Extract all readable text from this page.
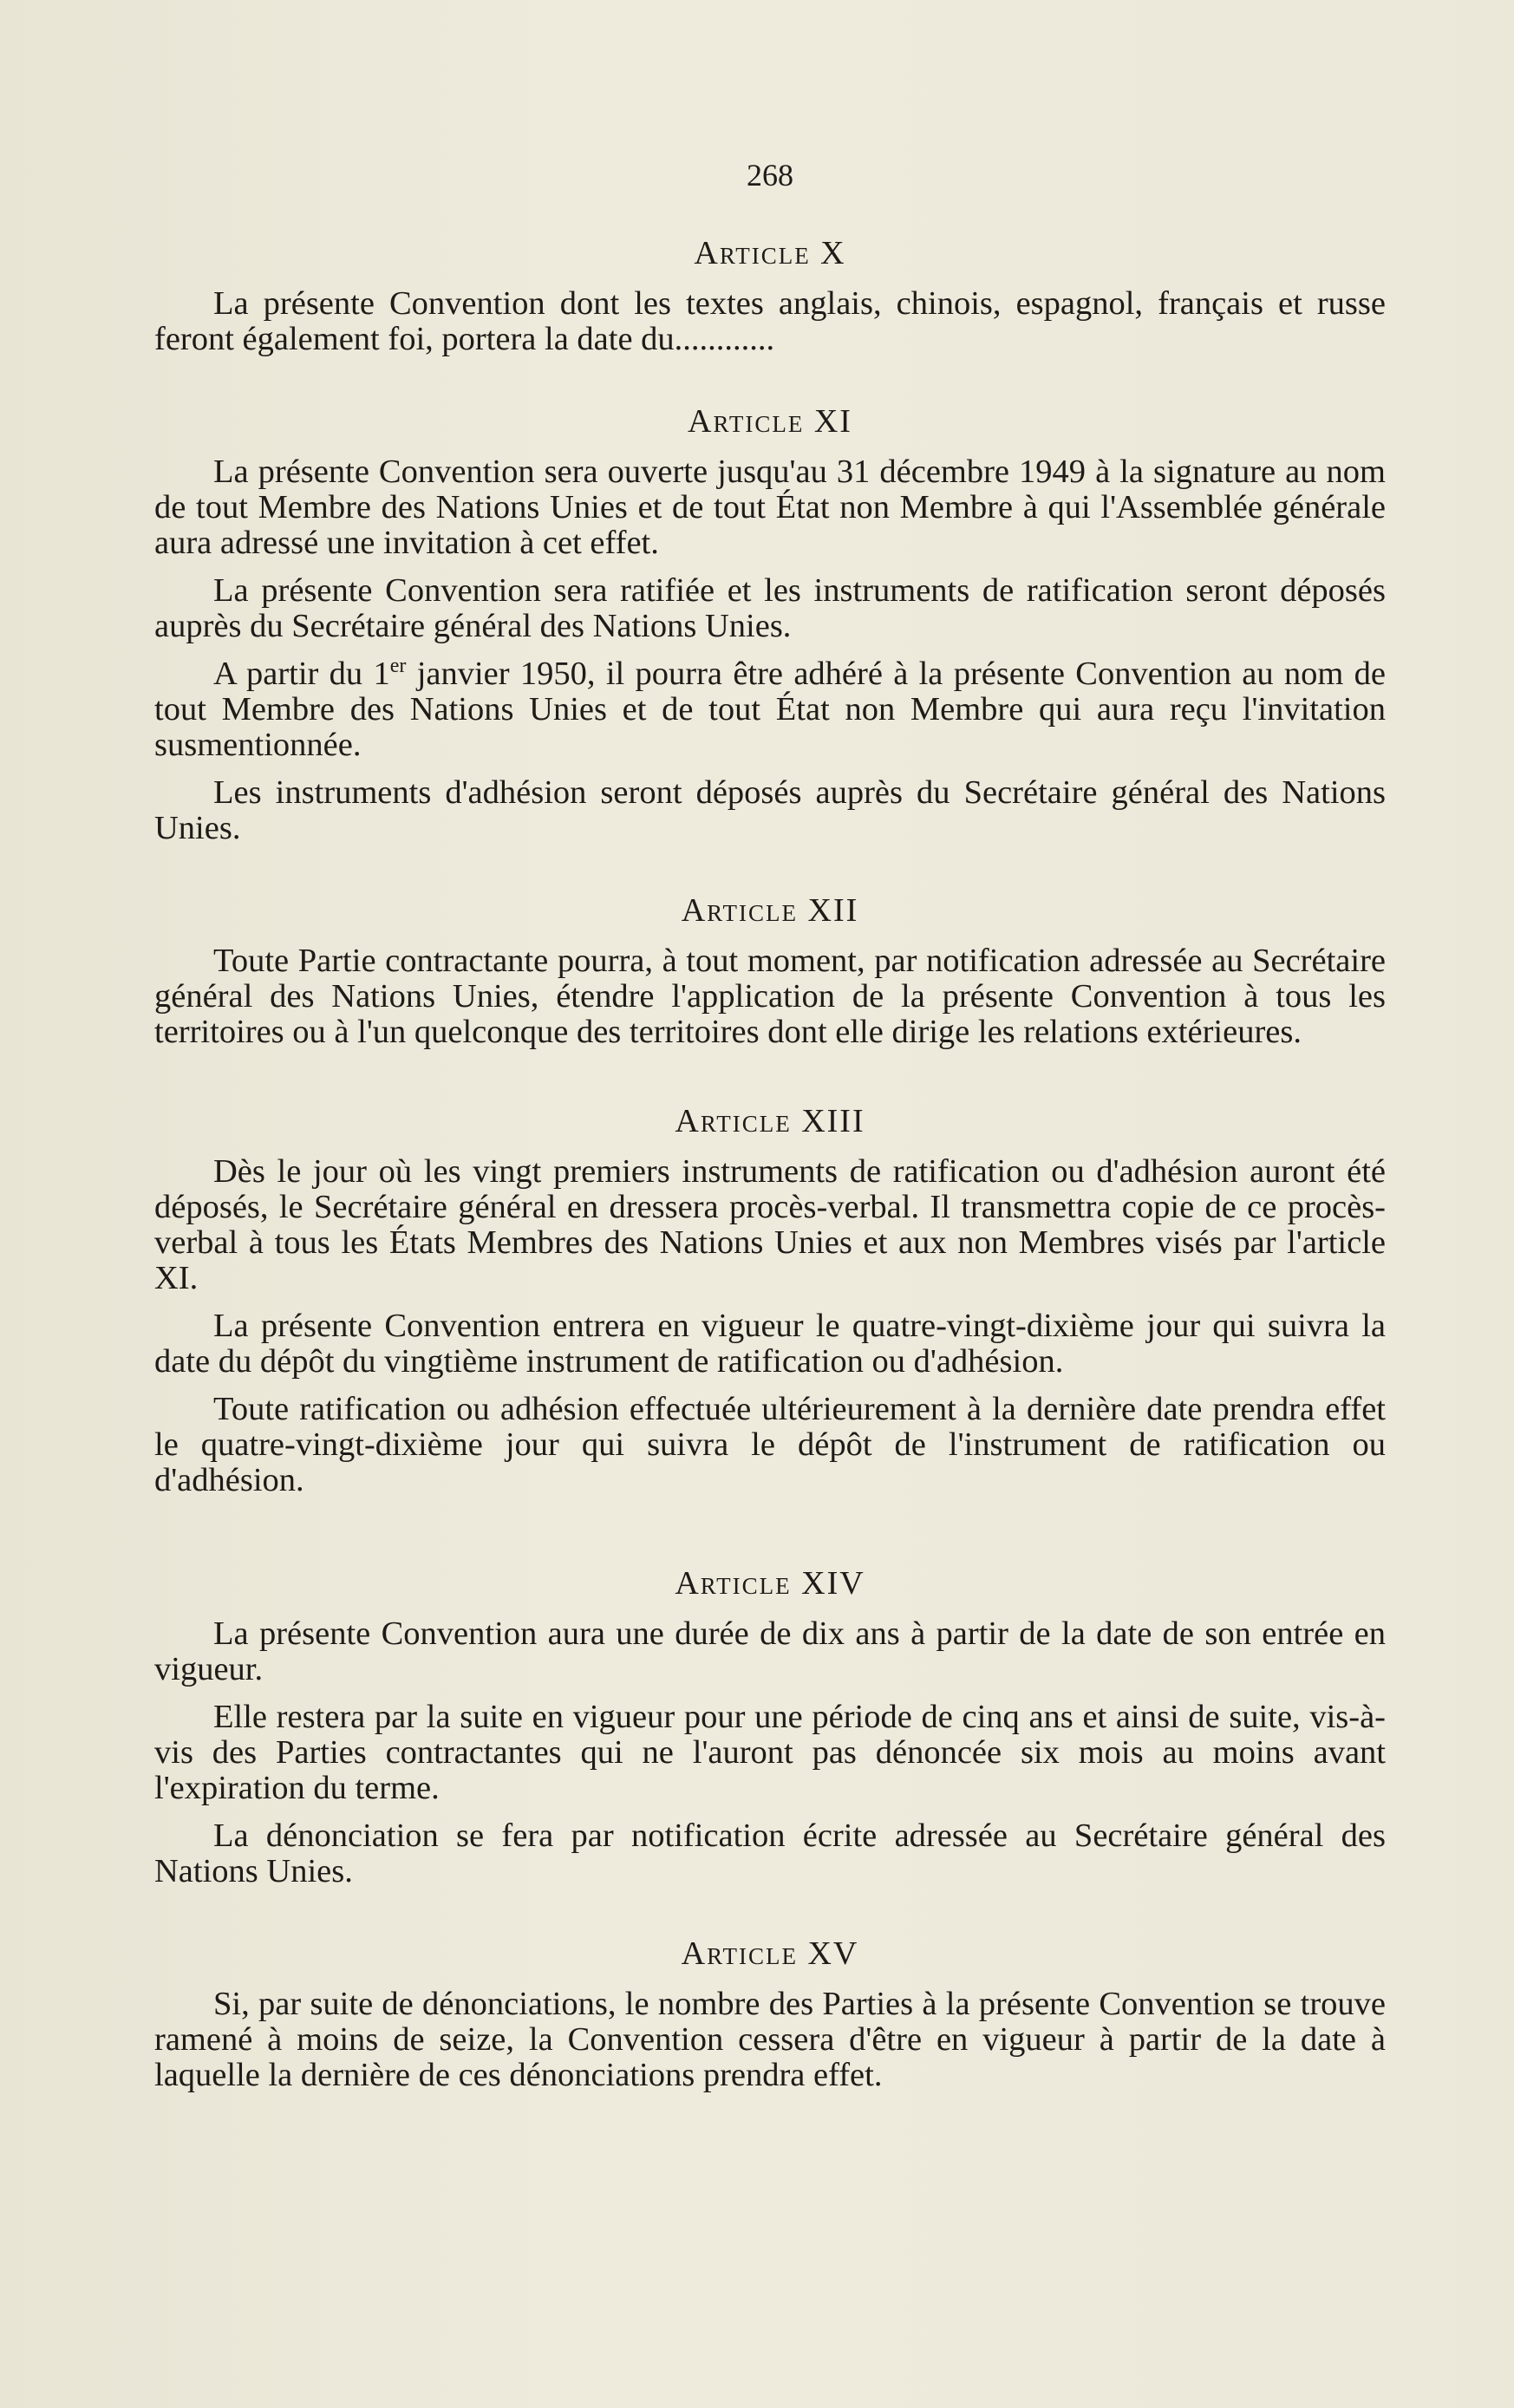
268
Article X

La présente Convention dont les textes anglais, chinois, espagnol, français et russe feront également foi, portera la date du............

Article XI

La présente Convention sera ouverte jusqu'au 31 décembre 1949 à la signature au nom de tout Membre des Nations Unies et de tout État non Membre à qui l'Assemblée générale aura adressé une invitation à cet effet.

La présente Convention sera ratifiée et les instruments de ratification seront déposés auprès du Secrétaire général des Nations Unies.

A partir du 1er janvier 1950, il pourra être adhéré à la présente Convention au nom de tout Membre des Nations Unies et de tout État non Membre qui aura reçu l'invitation susmentionnée.

Les instruments d'adhésion seront déposés auprès du Secrétaire général des Nations Unies.

Article XII

Toute Partie contractante pourra, à tout moment, par notification adressée au Secrétaire général des Nations Unies, étendre l'application de la présente Convention à tous les territoires ou à l'un quelconque des territoires dont elle dirige les relations extérieures.

Article XIII

Dès le jour où les vingt premiers instruments de ratification ou d'adhésion auront été déposés, le Secrétaire général en dressera procès-verbal. Il transmettra copie de ce procès-verbal à tous les États Membres des Nations Unies et aux non Membres visés par l'article XI.

La présente Convention entrera en vigueur le quatre-vingt-dixième jour qui suivra la date du dépôt du vingtième instrument de ratification ou d'adhésion.

Toute ratification ou adhésion effectuée ultérieurement à la dernière date prendra effet le quatre-vingt-dixième jour qui suivra le dépôt de l'instrument de ratification ou d'adhésion.

Article XIV

La présente Convention aura une durée de dix ans à partir de la date de son entrée en vigueur.

Elle restera par la suite en vigueur pour une période de cinq ans et ainsi de suite, vis-à-vis des Parties contractantes qui ne l'auront pas dénoncée six mois au moins avant l'expiration du terme.

La dénonciation se fera par notification écrite adressée au Secrétaire général des Nations Unies.

Article XV

Si, par suite de dénonciations, le nombre des Parties à la présente Convention se trouve ramené à moins de seize, la Convention cessera d'être en vigueur à partir de la date à laquelle la dernière de ces dénonciations prendra effet.
